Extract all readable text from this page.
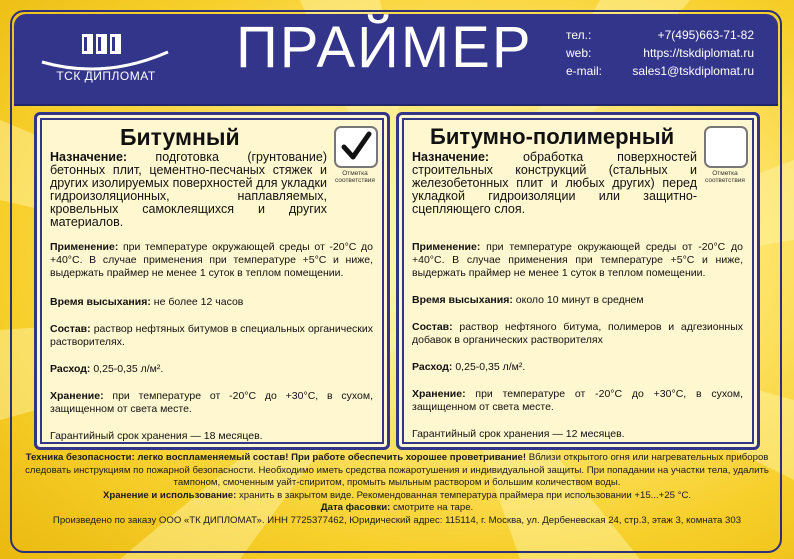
ТСК ДИПЛОМАТ ПРАЙМЕР	тел.:	+7(495)663-71-82
web:	https://tskdiplomat.ru
e-mail:	sales1@tskdiplomat.ru
Битумный
Отметка соответствия
Назначение: подготовка (грунтование) бетонных плит, цементно-песчаных стяжек и других изолируемых поверхностей для укладки гидроизоляционных, наплавляемых, кровельных самоклеящихся и других материалов.
Применение: при температуре окружающей среды от -20°С до +40°С. В случае применения при температуре +5°С и ниже, выдержать праймер не менее 1 суток в теплом помещении.
Время высыхания: не более 12 часов
Состав: раствор нефтяных битумов в специальных органических растворителях.
Расход: 0,25-0,35 л/м².
Хранение: при температуре от -20°С до +30°С, в сухом, защищенном от света месте.
Гарантийный срок хранения — 18 месяцев.
Битумно-полимерный
Отметка соответствия
Назначение:	обработка поверхностей строительных конструкций (стальных и железобетонных плит и любых других) перед укладкой гидроизоляции или защитно-сцепляющего слоя.
Применение: при температуре окружающей среды от -20°С до +40°С. В случае применения при температуре +5°С и ниже, выдержать праймер не менее 1 суток в теплом помещении.
Время высыхания: около 10 минут в среднем
Состав: раствор нефтяного битума, полимеров и адгезионных добавок в органических растворителях
Расход: 0,25-0,35 л/м².
Хранение: при температуре от -20°С до +30°С, в сухом, защищенном от света месте.
Гарантийный срок хранения — 12 месяцев.
Техника безопасности: легко воспламеняемый состав! При работе обеспечить хорошее проветривание! Вблизи открытого огня или нагревательных приборов следовать инструкциям по пожарной безопасности. Необходимо иметь средства пожаротушения и индивидуальной защиты. При попадании на участки тела, удалить тампоном, смоченным уайт-спиритом, промыть мыльным раствором и большим количеством воды.
Хранение и использование: хранить в закрытом виде. Рекомендованная температура праймера при использовании +15...+25 °С.
Дата фасовки: смотрите на таре.
Произведено по заказу ООО «ТК ДИПЛОМАТ». ИНН 7725377462, Юридический адрес: 115114, г. Москва, ул. Дербеневская 24, стр.3, этаж 3, комната 303
